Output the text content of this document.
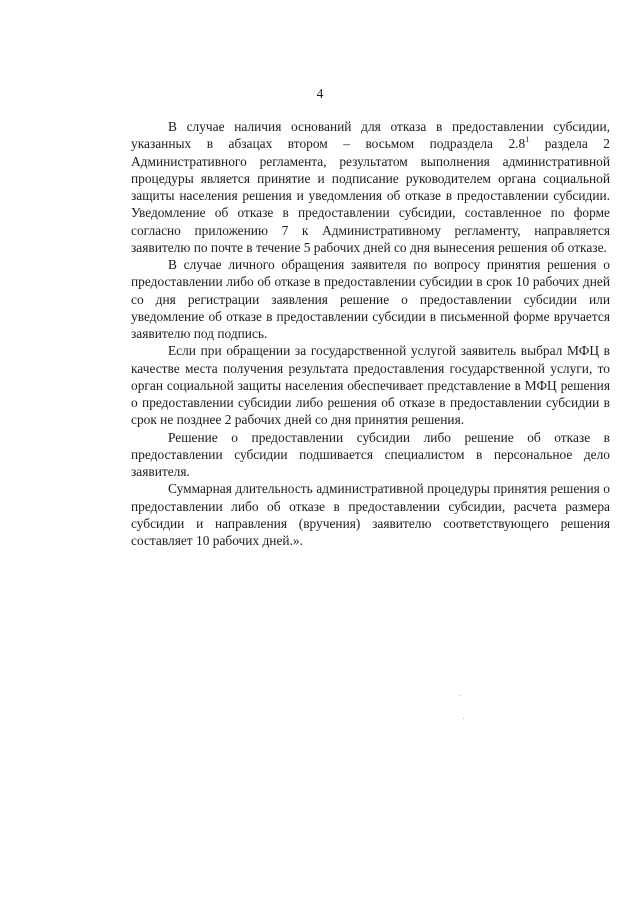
4

В случае наличия оснований для отказа в предоставлении субсидии, указанных в абзацах втором – восьмом подраздела $2.8^1$ раздела 2 Административного регламента, результатом выполнения административной процедуры является принятие и подписание руководителем органа социальной защиты населения решения и уведомления об отказе в предоставлении субсидии. Уведомление об отказе в предоставлении субсидии, составленное по форме согласно приложению 7 к Административному регламенту, направляется заявителю по почте в течение 5 рабочих дней со дня вынесения решения об отказе.

В случае личного обращения заявителя по вопросу принятия решения о предоставлении либо об отказе в предоставлении субсидии в срок 10 рабочих дней со дня регистрации заявления решение о предоставлении субсидии или уведомление об отказе в предоставлении субсидии в письменной форме вручается заявителю под подпись.

Если при обращении за государственной услугой заявитель выбрал МФЦ в качестве места получения результата предоставления государственной услуги, то орган социальной защиты населения обеспечивает представление в МФЦ решения о предоставлении субсидии либо решения об отказе в предоставлении субсидии в срок не позднее 2 рабочих дней со дня принятия решения.

Решение о предоставлении субсидии либо решение об отказе в предоставлении субсидии подшивается специалистом в персональное дело заявителя.

Суммарная длительность административной процедуры принятия решения о предоставлении либо об отказе в предоставлении субсидии, расчета размера субсидии и направления (вручения) заявителю соответствующего решения составляет 10 рабочих дней.».
